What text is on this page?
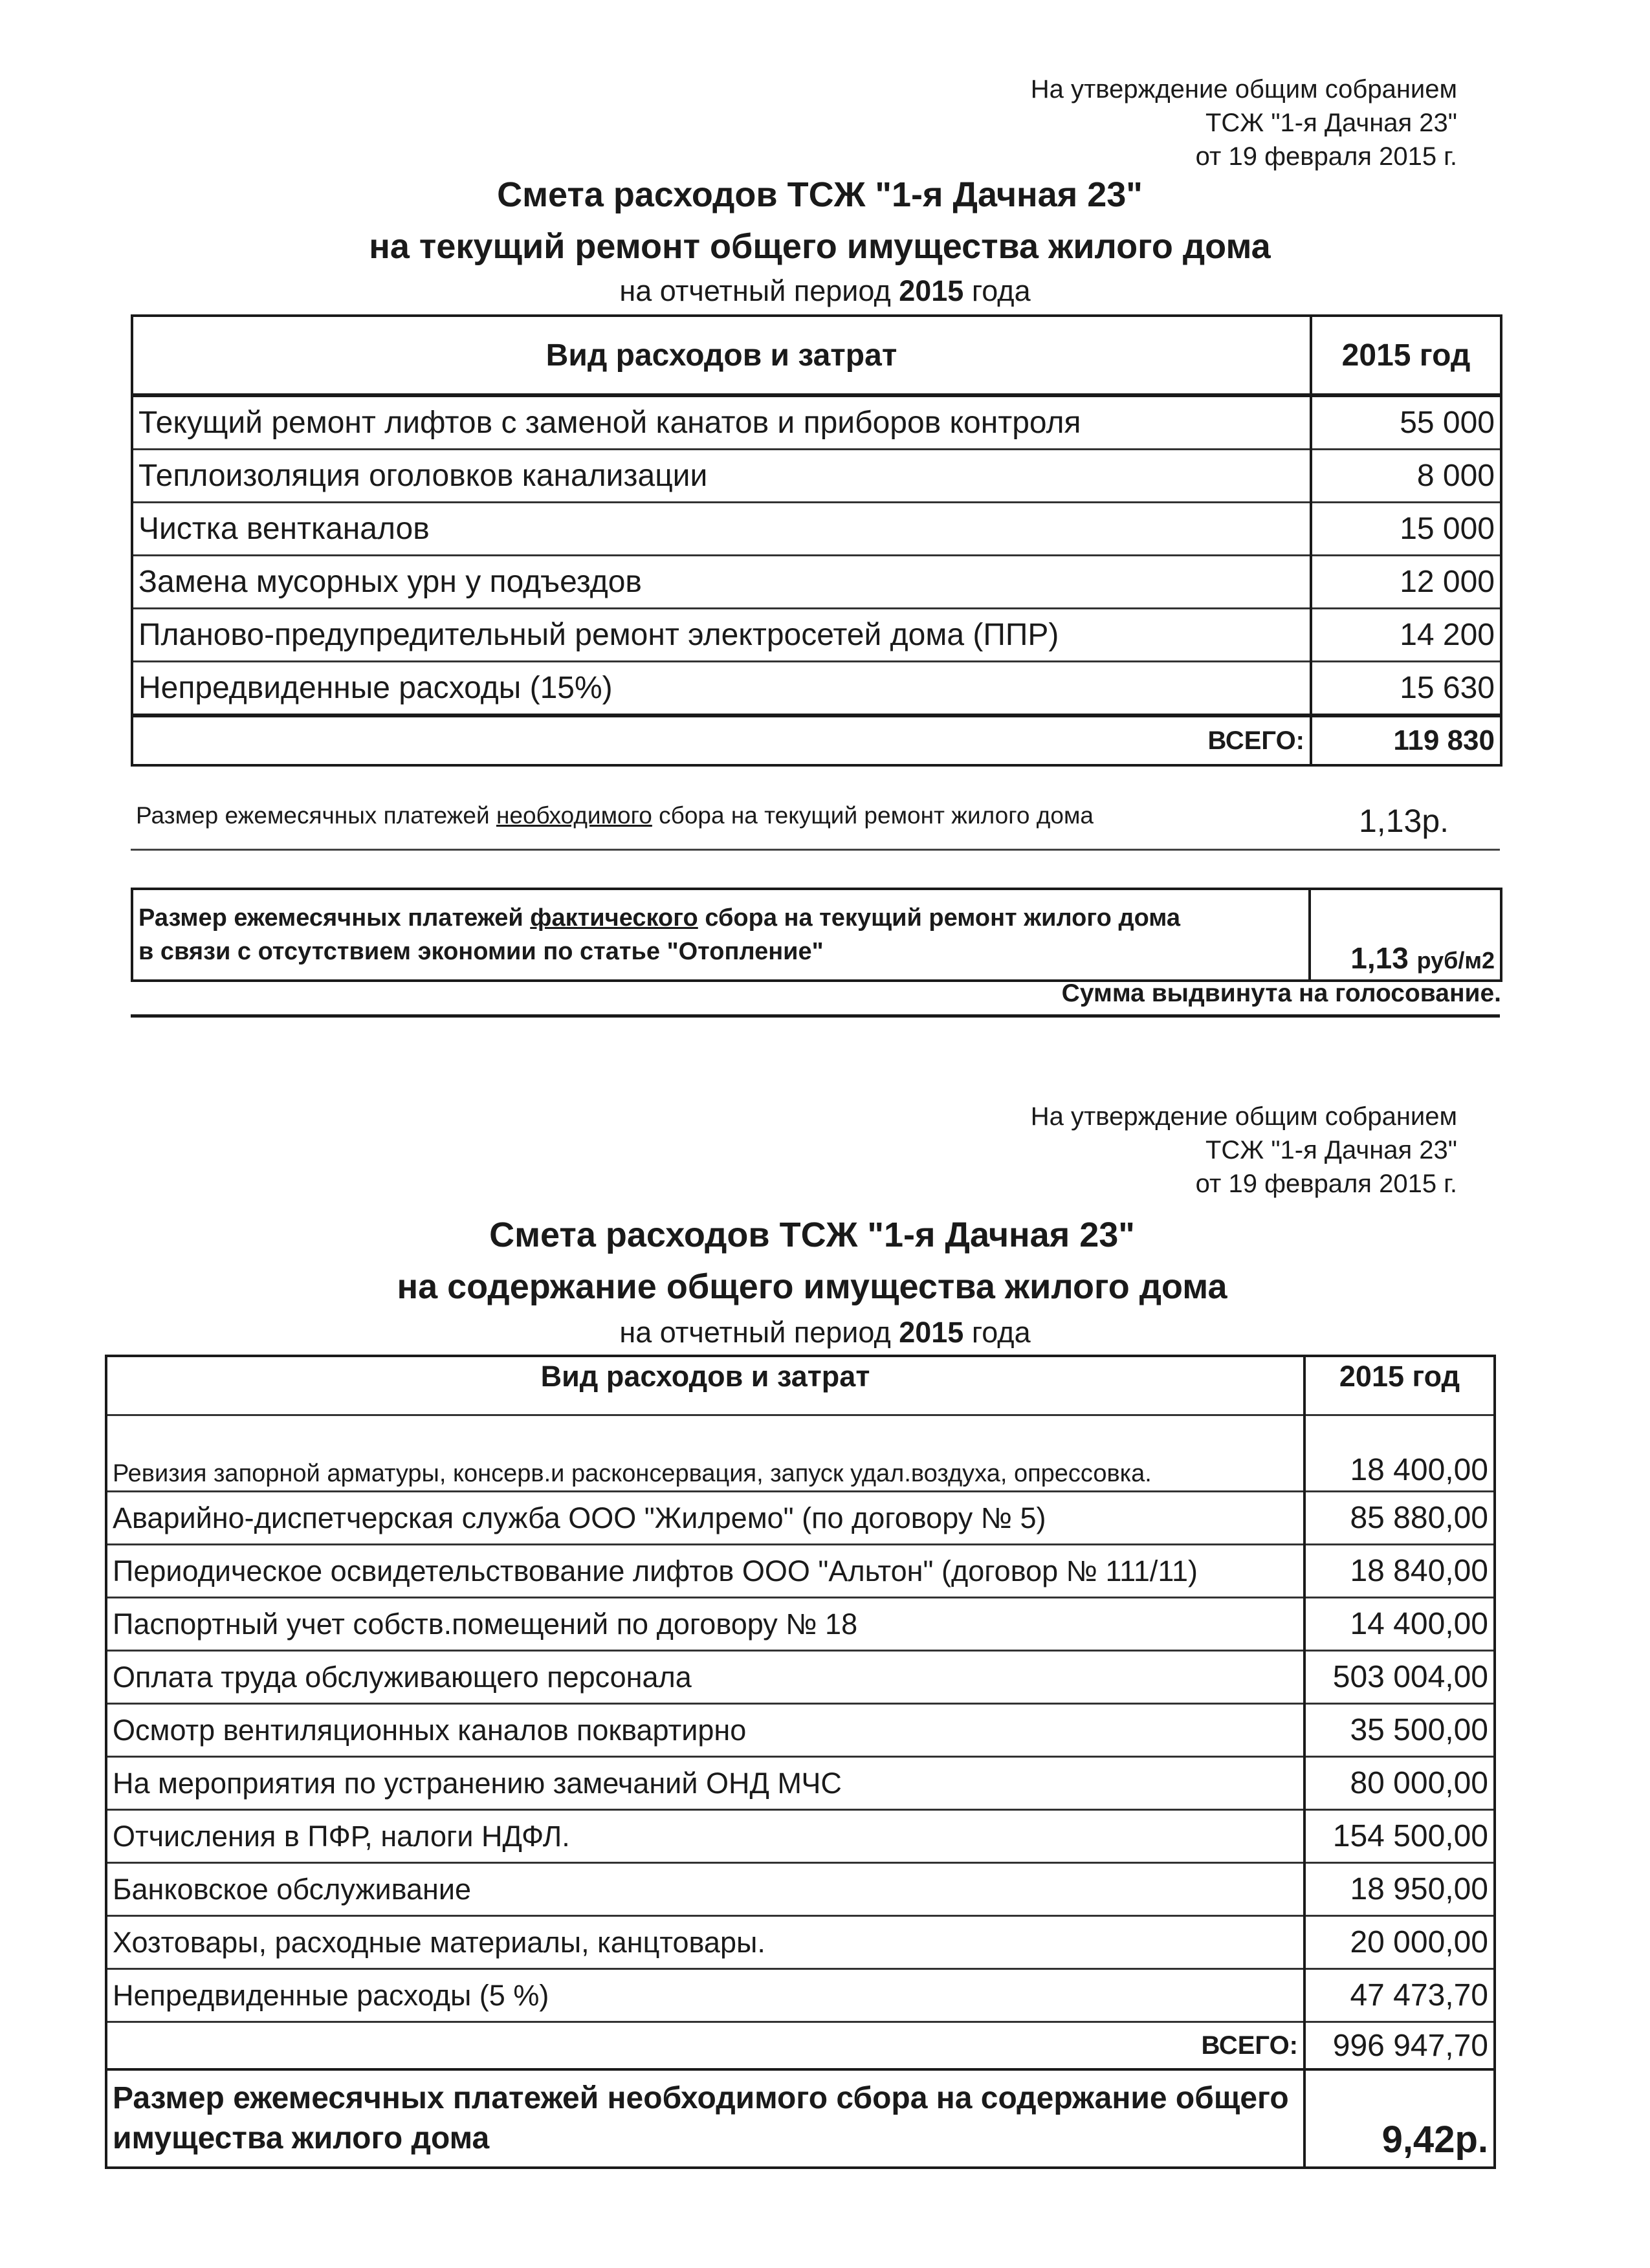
На утверждение общим собранием
ТСЖ "1-я Дачная 23"
от 19 февраля 2015 г.
Смета расходов ТСЖ "1-я Дачная 23"
на текущий ремонт общего имущества жилого дома
на отчетный период 2015 года
Вид расходов и затрат	2015 год
Текущий ремонт лифтов с заменой канатов и приборов контроля	55 000
Теплоизоляция оголовков канализации	8 000
Чистка вентканалов	15 000
Замена мусорных урн у подъездов	12 000
Планово-предупредительный ремонт электросетей дома (ППР)	14 200
Непредвиденные расходы (15%)	15 630
ВСЕГО:	119 830
Размер ежемесячных платежей необходимого сбора на текущий ремонт жилого дома	1,13р.
Размер ежемесячных платежей фактического сбора на текущий ремонт жилого дома
в связи с отсутствием экономии по статье "Отопление"	1,13 руб/м2
Сумма выдвинута на голосование.
На утверждение общим собранием
ТСЖ "1-я Дачная 23"
от 19 февраля 2015 г.
Смета расходов ТСЖ "1-я Дачная 23"
на содержание общего имущества жилого дома
на отчетный период 2015 года
Вид расходов и затрат	2015 год
Ревизия запорной арматуры, консерв.и расконсервация, запуск удал.воздуха, опрессовка.	18 400,00
Аварийно-диспетчерская служба ООО "Жилремо" (по договору № 5)	85 880,00
Периодическое освидетельствование лифтов ООО "Альтон" (договор № 111/11)	18 840,00
Паспортный учет собств.помещений по договору № 18	14 400,00
Оплата труда обслуживающего персонала	503 004,00
Осмотр вентиляционных каналов поквартирно	35 500,00
На мероприятия по устранению замечаний ОНД МЧС	80 000,00
Отчисления в ПФР, налоги НДФЛ.	154 500,00
Банковское обслуживание	18 950,00
Хозтовары, расходные материалы, канцтовары.	20 000,00
Непредвиденные расходы (5 %)	47 473,70
ВСЕГО:	996 947,70
Размер ежемесячных платежей необходимого сбора на содержание общего имущества жилого дома	9,42р.
